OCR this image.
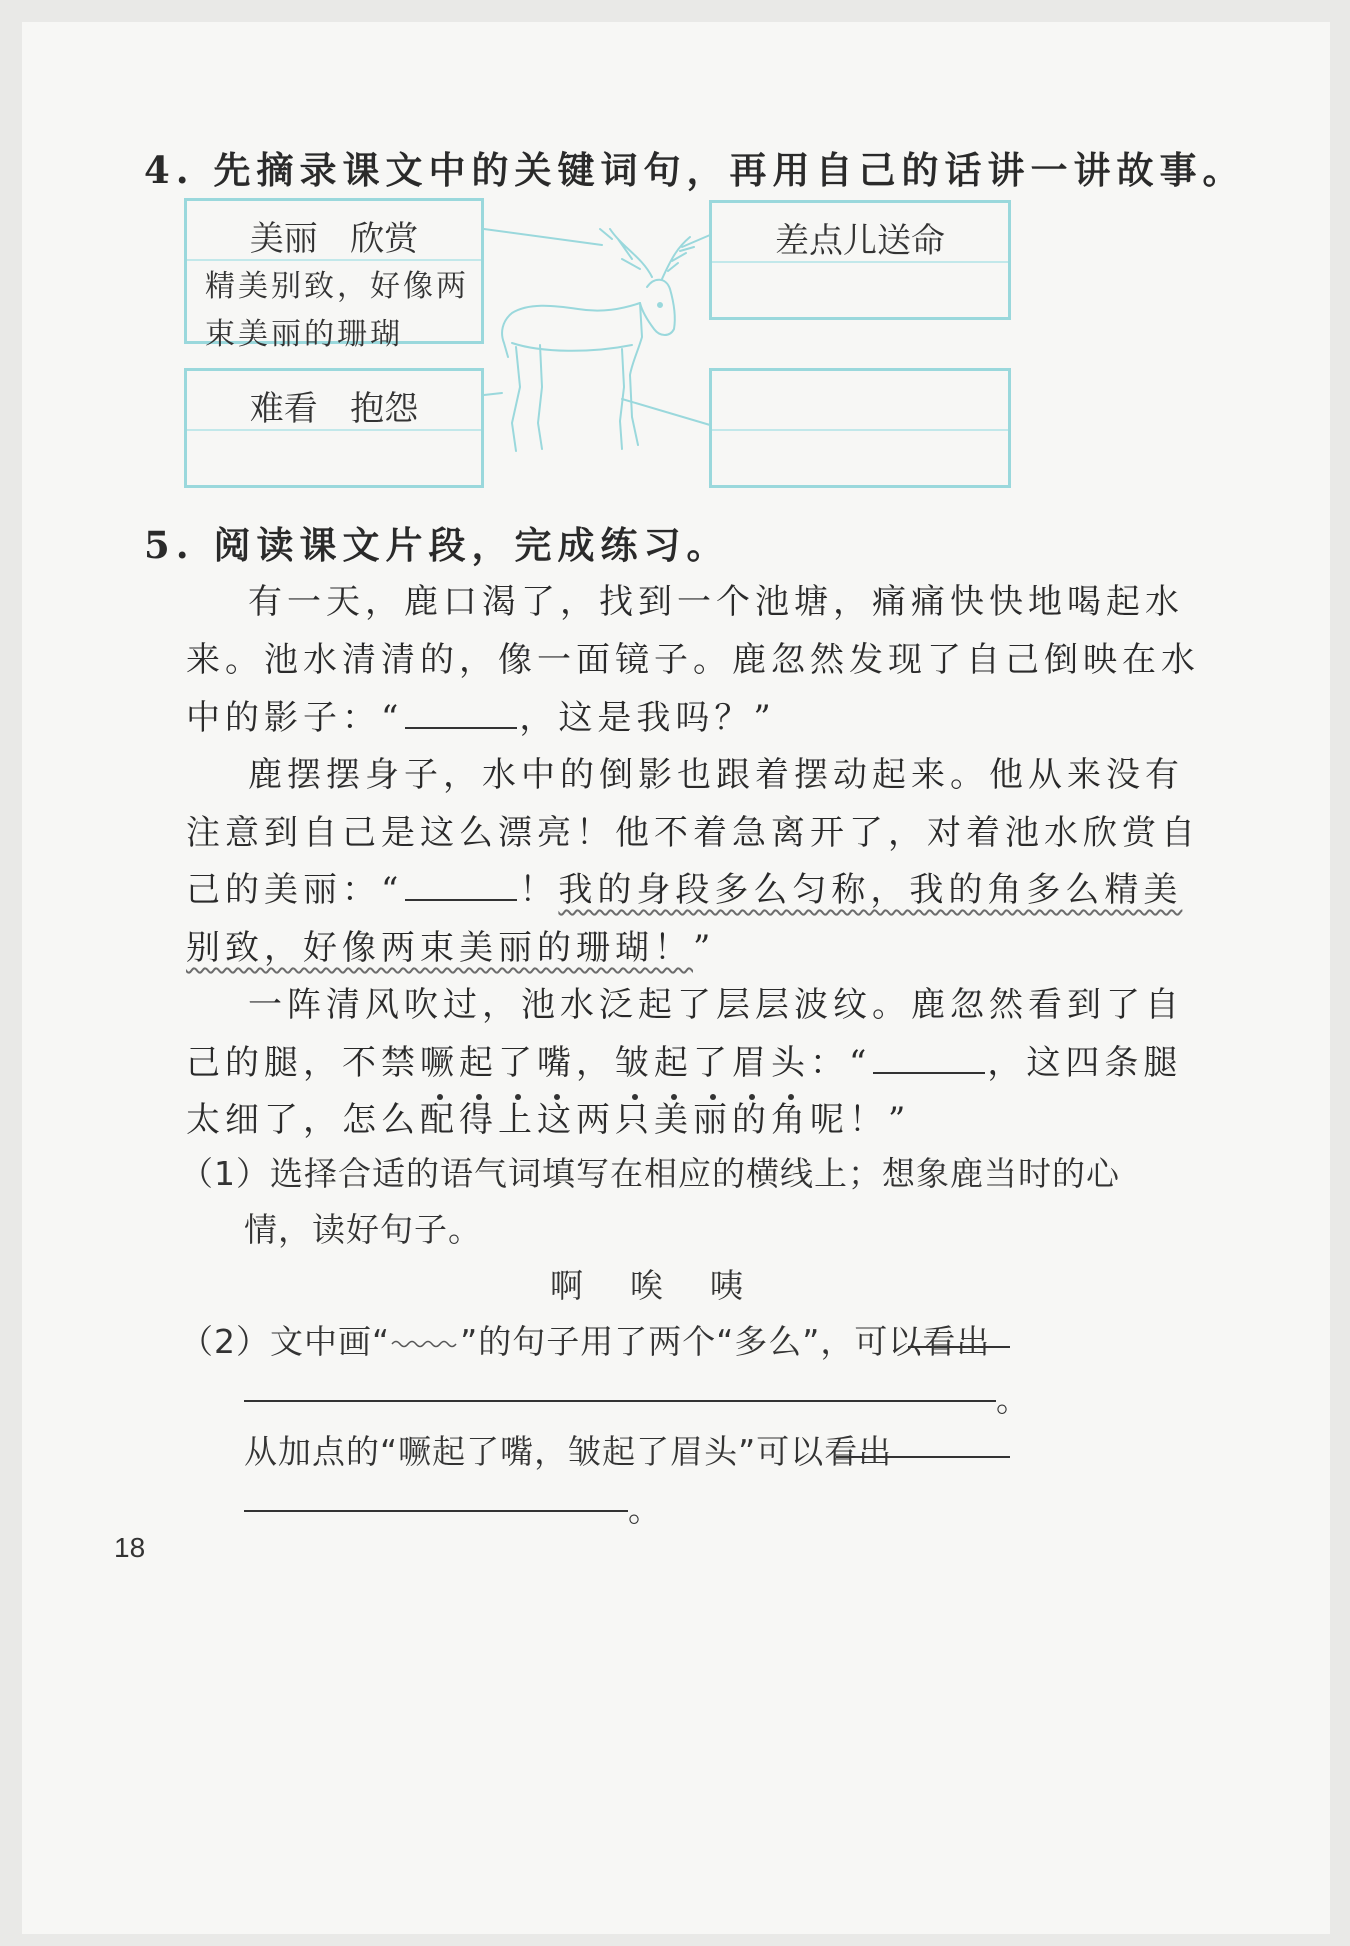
4. 先摘录课文中的关键词句，再用自己的话讲一讲故事。
美丽   欣赏
精美别致，好像两束美丽的珊瑚
差点儿送命
难看   抱怨
5. 阅读课文片段，完成练习。
有一天，鹿口渴了，找到一个池塘，痛痛快快地喝起水
来。池水清清的，像一面镜子。鹿忽然发现了自己倒映在水
中的影子：“	，这是我吗？”
鹿摆摆身子，水中的倒影也跟着摆动起来。他从来没有
注意到自己是这么漂亮！他不着急离开了，对着池水欣赏自
己的美丽：“	！我的身段多么匀称，我的角多么精美
别致，好像两束美丽的珊瑚！”
一阵清风吹过，池水泛起了层层波纹。鹿忽然看到了自
己的腿，不禁噘起了嘴，皱起了眉头：“	，这四条腿
太细了，怎么配得上这两只美丽的角呢！”
（1）选择合适的语气词填写在相应的横线上；想象鹿当时的心
情，读好句子。
啊    唉    咦
（2）文中画“ ”的句子用了两个“多么”，可以看出
。
从加点的“噘起了嘴，皱起了眉头”可以看出
。
18
